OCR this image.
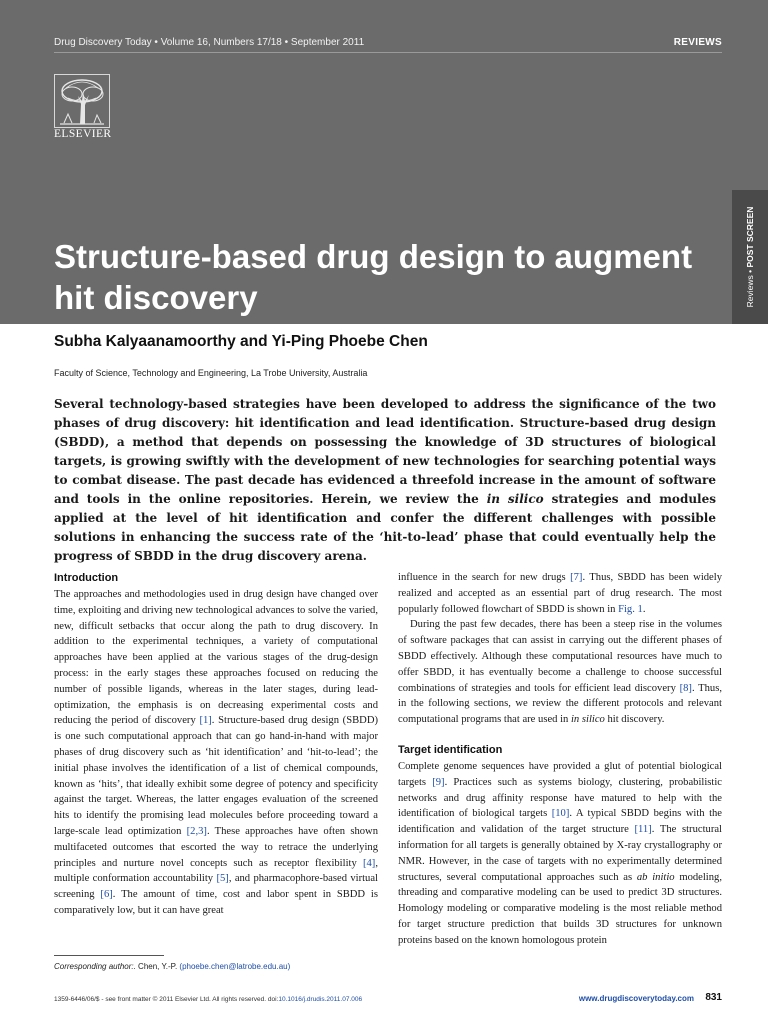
Drug Discovery Today • Volume 16, Numbers 17/18 • September 2011	REVIEWS
ELSEVIER
Structure-based drug design to augment hit discovery	Reviews • POST SCREEN
Subha Kalyaanamoorthy and Yi-Ping Phoebe Chen
Faculty of Science, Technology and Engineering, La Trobe University, Australia
Several technology-based strategies have been developed to address the significance of the two phases of drug discovery: hit identification and lead identification. Structure-based drug design (SBDD), a method that depends on possessing the knowledge of 3D structures of biological targets, is growing swiftly with the development of new technologies for searching potential ways to combat disease. The past decade has evidenced a threefold increase in the amount of software and tools in the online repositories. Herein, we review the in silico strategies and modules applied at the level of hit identification and confer the different challenges with possible solutions in enhancing the success rate of the ‘hit-to-lead’ phase that could eventually help the progress of SBDD in the drug discovery arena.
Introduction

The approaches and methodologies used in drug design have changed over time, exploiting and driving new technological advances to solve the varied, new, difficult setbacks that occur along the path to drug discovery. In addition to the experimental techniques, a variety of computational approaches have been applied at the various stages of the drug-design process: in the early stages these approaches focused on reducing the number of possible ligands, whereas in the later stages, during lead-optimization, the emphasis is on decreasing experimental costs and reducing the period of discovery [1]. Structure-based drug design (SBDD) is one such computational approach that can go hand-in-hand with major phases of drug discovery such as ‘hit identification’ and ‘hit-to-lead’; the initial phase involves the identification of a list of chemical compounds, known as ‘hits’, that ideally exhibit some degree of potency and specificity against the target. Whereas, the latter engages evaluation of the screened hits to identify the promising lead molecules before proceeding toward a large-scale lead optimization [2,3]. These approaches have often shown multifaceted outcomes that escorted the way to retrace the underlying principles and nurture novel concepts such as receptor flexibility [4], multiple conformation accountability [5], and pharmacophore-based virtual screening [6]. The amount of time, cost and labor spent in SBDD is comparatively low, but it can have great

influence in the search for new drugs [7]. Thus, SBDD has been widely realized and accepted as an essential part of drug research. The most popularly followed flowchart of SBDD is shown in Fig. 1.

During the past few decades, there has been a steep rise in the volumes of software packages that can assist in carrying out the different phases of SBDD effectively. Although these computational resources have much to offer SBDD, it has eventually become a challenge to choose successful combinations of strategies and tools for efficient lead discovery [8]. Thus, in the following sections, we review the different protocols and relevant computational programs that are used in in silico hit discovery.

Target identification

Complete genome sequences have provided a glut of potential biological targets [9]. Practices such as systems biology, clustering, probabilistic networks and drug affinity response have matured to help with the identification of biological targets [10]. A typical SBDD begins with the identification and validation of the target structure [11]. The structural information for all targets is generally obtained by X-ray crystallography or NMR. However, in the case of targets with no experimentally determined structures, several computational approaches such as ab initio modeling, threading and comparative modeling can be used to predict 3D structures. Homology modeling or comparative modeling is the most reliable method for target structure prediction that builds 3D structures for unknown proteins based on the known homologous protein

Corresponding author:. Chen, Y.-P. (phoebe.chen@latrobe.edu.au)
1359-6446/06/$ - see front matter © 2011 Elsevier Ltd. All rights reserved. doi:10.1016/j.drudis.2011.07.006	www.drugdiscoverytoday.com 831
